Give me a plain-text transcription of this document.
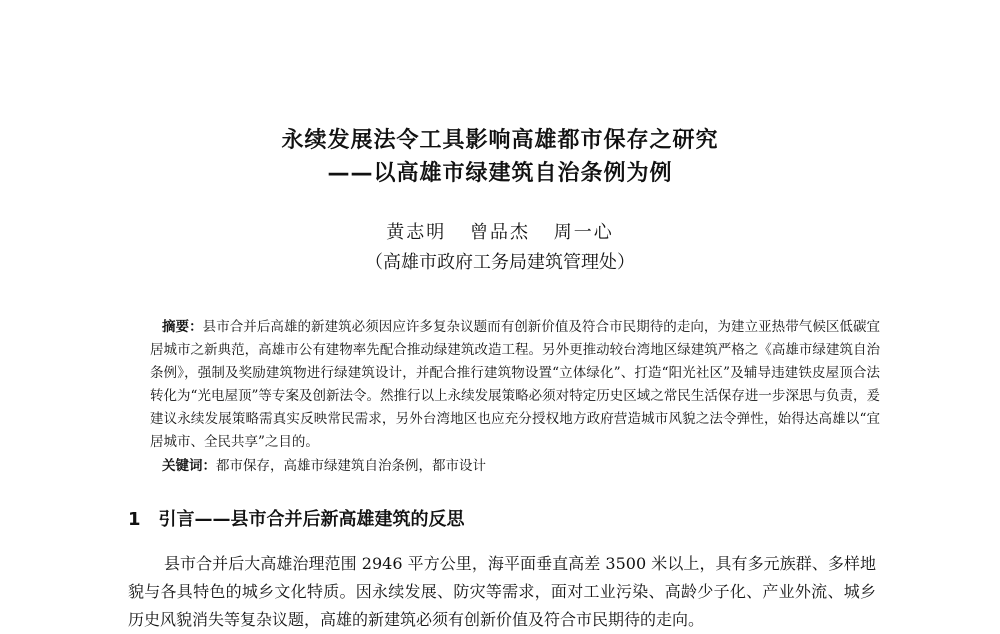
永续发展法令工具影响高雄都市保存之研究
——以高雄市绿建筑自治条例为例
黄志明 曾品杰 周一心
（高雄市政府工务局建筑管理处）
摘要：县市合并后高雄的新建筑必须因应许多复杂议题而有创新价值及符合市民期待的走向，为建立亚热带气候区低碳宜居城市之新典范，高雄市公有建物率先配合推动绿建筑改造工程。另外更推动较台湾地区绿建筑严格之《高雄市绿建筑自治条例》，强制及奖励建筑物进行绿建筑设计，并配合推行建筑物设置“立体绿化”、打造“阳光社区”及辅导违建铁皮屋顶合法转化为“光电屋顶”等专案及创新法令。然推行以上永续发展策略必须对特定历史区域之常民生活保存进一步深思与负责，爰建议永续发展策略需真实反映常民需求，另外台湾地区也应充分授权地方政府营造城市风貌之法令弹性，始得达高雄以“宜居城市、全民共享”之目的。
关键词：都市保存，高雄市绿建筑自治条例，都市设计
1 引言——县市合并后新高雄建筑的反思
县市合并后大高雄治理范围 2946 平方公里，海平面垂直高差 3500 米以上，具有多元族群、多样地貌与各具特色的城乡文化特质。因永续发展、防灾等需求，面对工业污染、高龄少子化、产业外流、城乡历史风貌消失等复杂议题，高雄的新建筑必须有创新价值及符合市民期待的走向。
